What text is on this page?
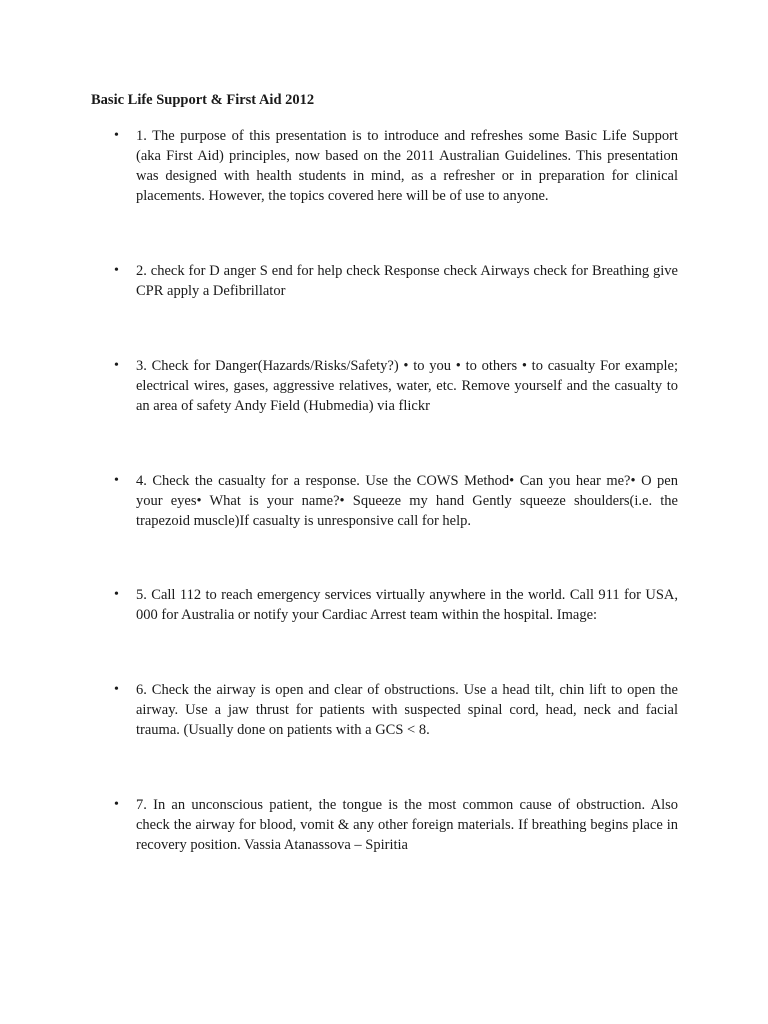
Basic Life Support & First Aid 2012
• 1. The purpose of this presentation is to introduce and refreshes some Basic Life Support (aka First Aid) principles, now based on the 2011 Australian Guidelines. This presentation was designed with health students in mind, as a refresher or in preparation for clinical placements. However, the topics covered here will be of use to anyone.
• 2. check for D anger S end for help check Response check Airways check for Breathing give      CPR apply a Defibrillator
• 3. Check for Danger(Hazards/Risks/Safety?) • to you • to others • to casualty For example; electrical wires, gases, aggressive relatives, water, etc. Remove yourself and the casualty to an area of safety Andy Field (Hubmedia) via flickr
• 4. Check the casualty for a response. Use the COWS Method• Can you hear me?• O pen your eyes• What is your name?• Squeeze my hand Gently squeeze shoulders(i.e. the trapezoid muscle)If casualty is unresponsive call for help.
• 5. Call 112 to reach emergency services virtually anywhere in the world. Call 911 for USA, 000 for Australia or notify your Cardiac Arrest team within the hospital. Image:
• 6. Check the airway is open and clear of obstructions. Use a head tilt, chin lift to open the airway. Use a jaw thrust for patients with suspected spinal cord, head, neck and facial trauma. (Usually done on patients with a GCS < 8.
• 7. In an unconscious patient, the tongue is the most common cause of obstruction. Also check the airway for blood, vomit & any other foreign materials. If breathing begins place in recovery position. Vassia Atanassova – Spiritia
